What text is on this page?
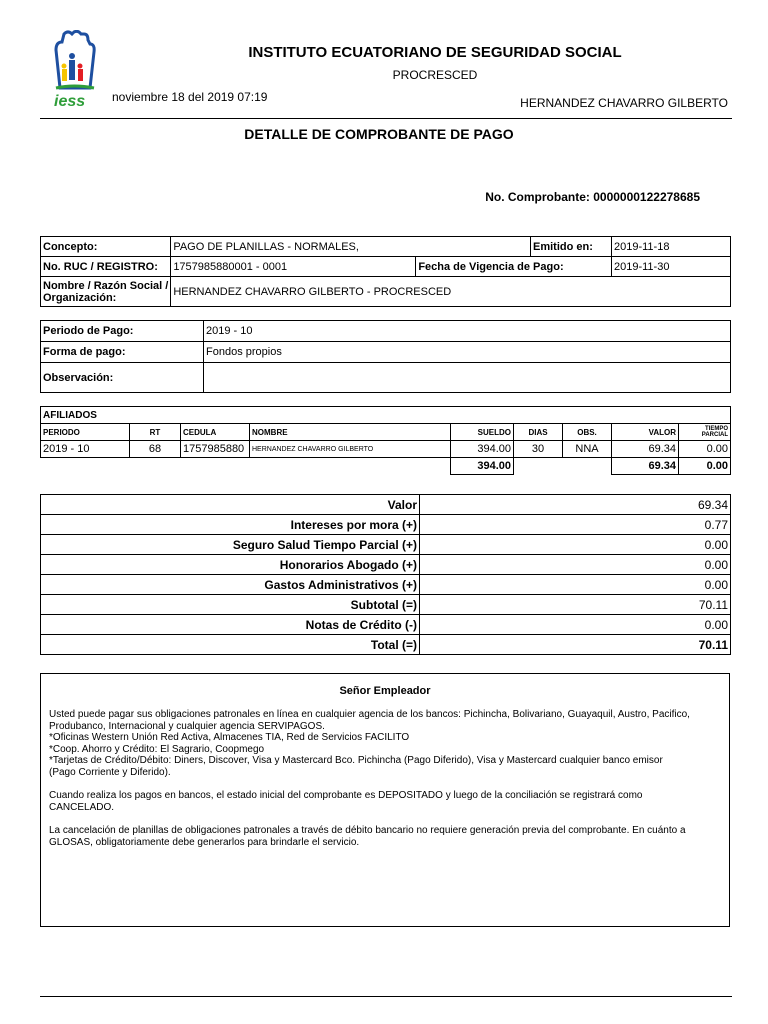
iess
INSTITUTO ECUATORIANO DE SEGURIDAD SOCIAL
PROCRESCED
noviembre 18 del 2019 07:19	HERNANDEZ CHAVARRO GILBERTO
DETALLE DE COMPROBANTE DE PAGO
No. Comprobante: 0000000122278685
Concepto:	PAGO DE PLANILLAS - NORMALES,		Emitido en:	2019-11-18
No. RUC / REGISTRO:	1757985880001 - 0001	Fecha de Vigencia de Pago:		2019-11-30

Nombre / Razón Social /
Organización:	HERNANDEZ CHAVARRO GILBERTO - PROCRESCED			
Periodo de Pago:	2019 - 10
Forma de pago:	Fondos propios
Observación:	
AFILIADOS								
PERIODO	RT	CEDULA	NOMBRE	SUELDO	DIAS	OBS.	VALOR	TIEMPO PARCIAL
2019 - 10	68	1757985880	HERNANDEZ CHAVARRO GILBERTO	394.00	30	NNA	69.34	0.00
				394.00			69.34	0.00
Valor	69.34
Intereses por mora (+)	0.77
Seguro Salud Tiempo Parcial (+)	0.00
Honorarios Abogado (+)	0.00
Gastos Administrativos (+)	0.00
Subtotal (=)	70.11
Notas de Crédito (-)	0.00
Total (=)	70.11
Señor Empleador

Usted puede pagar sus obligaciones patronales en línea en cualquier agencia de los bancos: Pichincha, Bolivariano, Guayaquil, Austro, Pacifico,
Produbanco, Internacional y cualquier agencia SERVIPAGOS.
*Oficinas Western Unión Red Activa, Almacenes TIA, Red de Servicios FACILITO
*Coop. Ahorro y Crédito: El Sagrario, Coopmego
*Tarjetas de Crédito/Débito: Diners, Discover, Visa y Mastercard Bco. Pichincha (Pago Diferido), Visa y Mastercard cualquier banco emisor
(Pago Corriente y Diferido).

Cuando realiza los pagos en bancos, el estado inicial del comprobante es DEPOSITADO y luego de la conciliación se registrará como
CANCELADO.

La cancelación de planillas de obligaciones patronales a través de débito bancario no requiere generación previa del comprobante. En cuánto a
GLOSAS, obligatoriamente debe generarlos para brindarle el servicio.
